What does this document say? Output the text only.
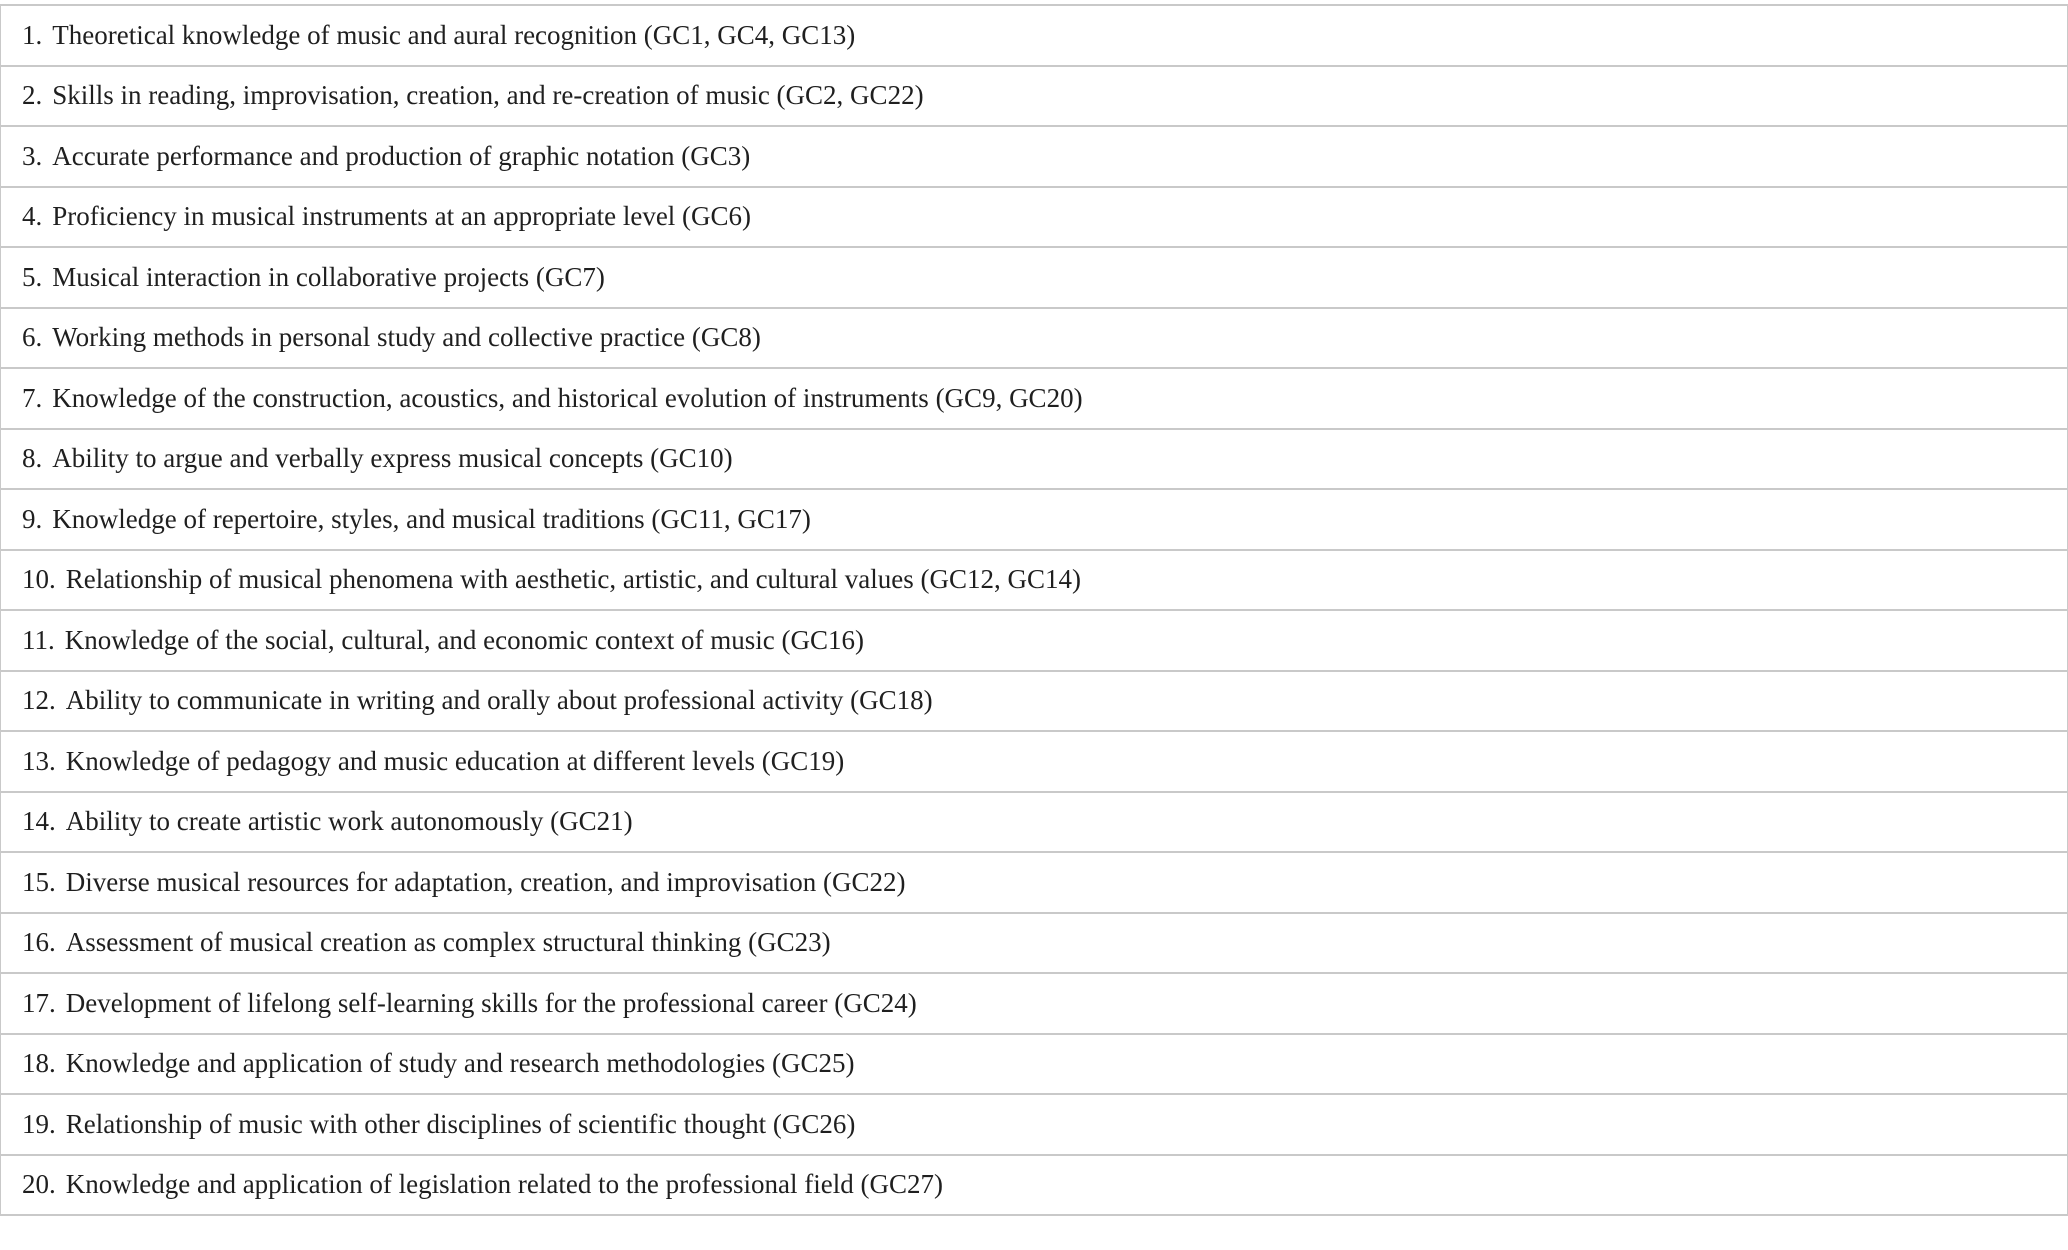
1. Theoretical knowledge of music and aural recognition (GC1, GC4, GC13)
2. Skills in reading, improvisation, creation, and re-creation of music (GC2, GC22)
3. Accurate performance and production of graphic notation (GC3)
4. Proficiency in musical instruments at an appropriate level (GC6)
5. Musical interaction in collaborative projects (GC7)
6. Working methods in personal study and collective practice (GC8)
7. Knowledge of the construction, acoustics, and historical evolution of instruments (GC9, GC20)
8. Ability to argue and verbally express musical concepts (GC10)
9. Knowledge of repertoire, styles, and musical traditions (GC11, GC17)
10. Relationship of musical phenomena with aesthetic, artistic, and cultural values (GC12, GC14)
11. Knowledge of the social, cultural, and economic context of music (GC16)
12. Ability to communicate in writing and orally about professional activity (GC18)
13. Knowledge of pedagogy and music education at different levels (GC19)
14. Ability to create artistic work autonomously (GC21)
15. Diverse musical resources for adaptation, creation, and improvisation (GC22)
16. Assessment of musical creation as complex structural thinking (GC23)
17. Development of lifelong self-learning skills for the professional career (GC24)
18. Knowledge and application of study and research methodologies (GC25)
19. Relationship of music with other disciplines of scientific thought (GC26)
20. Knowledge and application of legislation related to the professional field (GC27)
